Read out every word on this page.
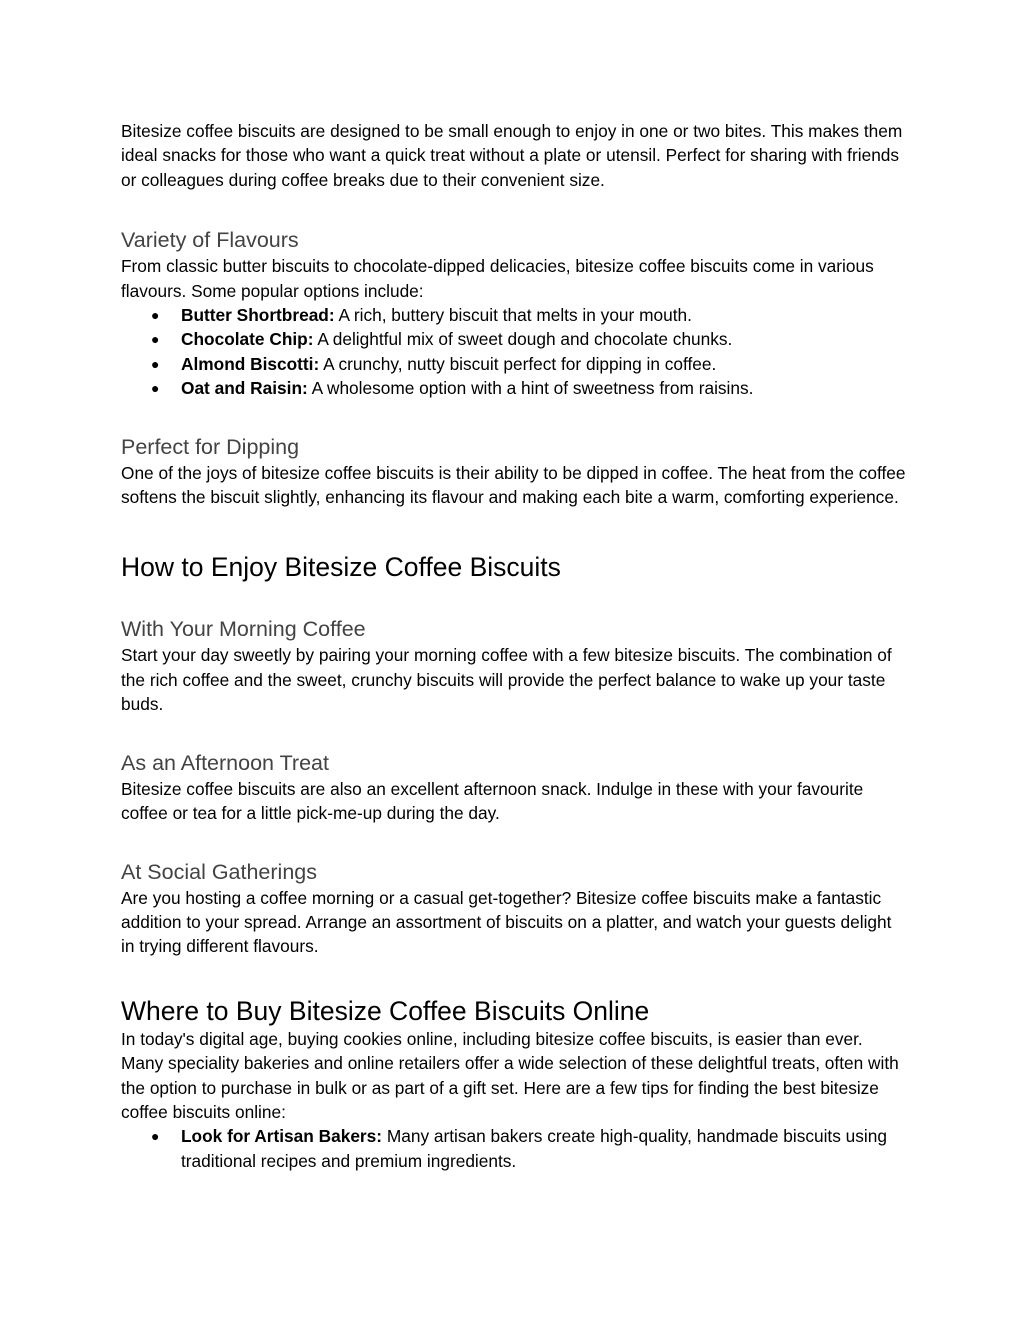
Bitesize coffee biscuits are designed to be small enough to enjoy in one or two bites. This makes them ideal snacks for those who want a quick treat without a plate or utensil. Perfect for sharing with friends or colleagues during coffee breaks due to their convenient size.

Variety of Flavours

From classic butter biscuits to chocolate-dipped delicacies, bitesize coffee biscuits come in various flavours. Some popular options include:

● Butter Shortbread: A rich, buttery biscuit that melts in your mouth.
● Chocolate Chip: A delightful mix of sweet dough and chocolate chunks.
● Almond Biscotti: A crunchy, nutty biscuit perfect for dipping in coffee.
● Oat and Raisin: A wholesome option with a hint of sweetness from raisins.
Perfect for Dipping

One of the joys of bitesize coffee biscuits is their ability to be dipped in coffee. The heat from the coffee softens the biscuit slightly, enhancing its flavour and making each bite a warm, comforting experience.

How to Enjoy Bitesize Coffee Biscuits
With Your Morning Coffee

Start your day sweetly by pairing your morning coffee with a few bitesize biscuits. The combination of the rich coffee and the sweet, crunchy biscuits will provide the perfect balance to wake up your taste buds.

As an Afternoon Treat

Bitesize coffee biscuits are also an excellent afternoon snack. Indulge in these with your favourite coffee or tea for a little pick-me-up during the day.

At Social Gatherings

Are you hosting a coffee morning or a casual get-together? Bitesize coffee biscuits make a fantastic addition to your spread. Arrange an assortment of biscuits on a platter, and watch your guests delight in trying different flavours.

Where to Buy Bitesize Coffee Biscuits Online

In today's digital age, buying cookies online, including bitesize coffee biscuits, is easier than ever. Many speciality bakeries and online retailers offer a wide selection of these delightful treats, often with the option to purchase in bulk or as part of a gift set. Here are a few tips for finding the best bitesize coffee biscuits online:

● Look for Artisan Bakers: Many artisan bakers create high-quality, handmade biscuits using traditional recipes and premium ingredients.
